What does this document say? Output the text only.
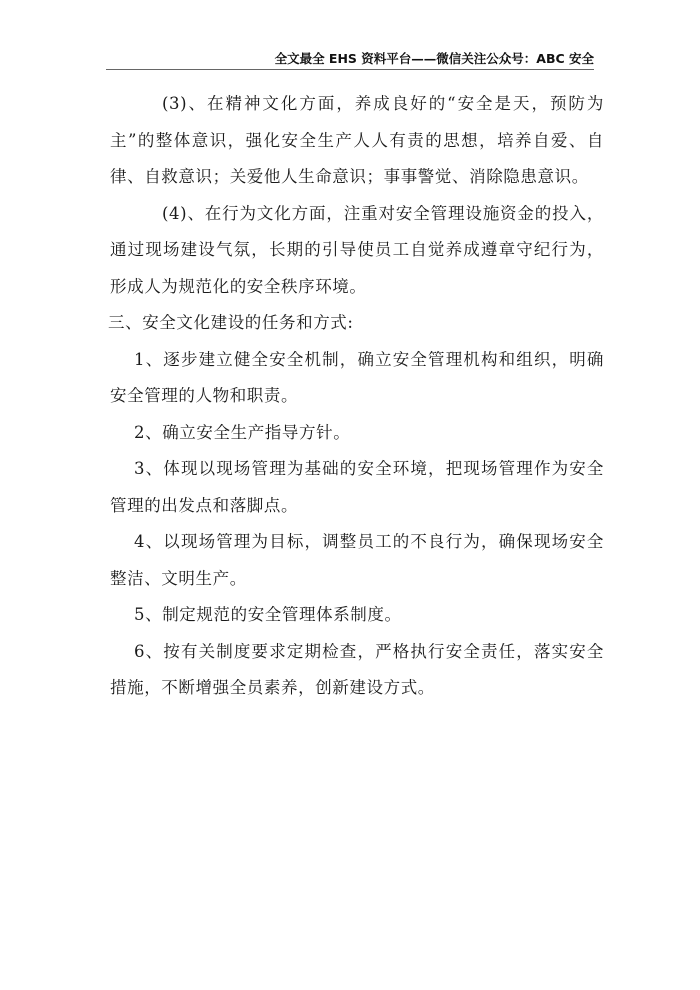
全文最全 EHS 资料平台——微信关注公众号：ABC 安全

(3)、在精神文化方面，养成良好的“安全是天，预防为主”的整体意识，强化安全生产人人有责的思想，培养自爱、自律、自救意识；关爱他人生命意识；事事警觉、消除隐患意识。

(4)、在行为文化方面，注重对安全管理设施资金的投入，通过现场建设气氛，长期的引导使员工自觉养成遵章守纪行为，形成人为规范化的安全秩序环境。

三、安全文化建设的任务和方式:

1、逐步建立健全安全机制，确立安全管理机构和组织，明确安全管理的人物和职责。

2、确立安全生产指导方针。

3、体现以现场管理为基础的安全环境，把现场管理作为安全管理的出发点和落脚点。

4、以现场管理为目标，调整员工的不良行为，确保现场安全整洁、文明生产。

5、制定规范的安全管理体系制度。

6、按有关制度要求定期检查，严格执行安全责任，落实安全措施，不断增强全员素养，创新建设方式。
